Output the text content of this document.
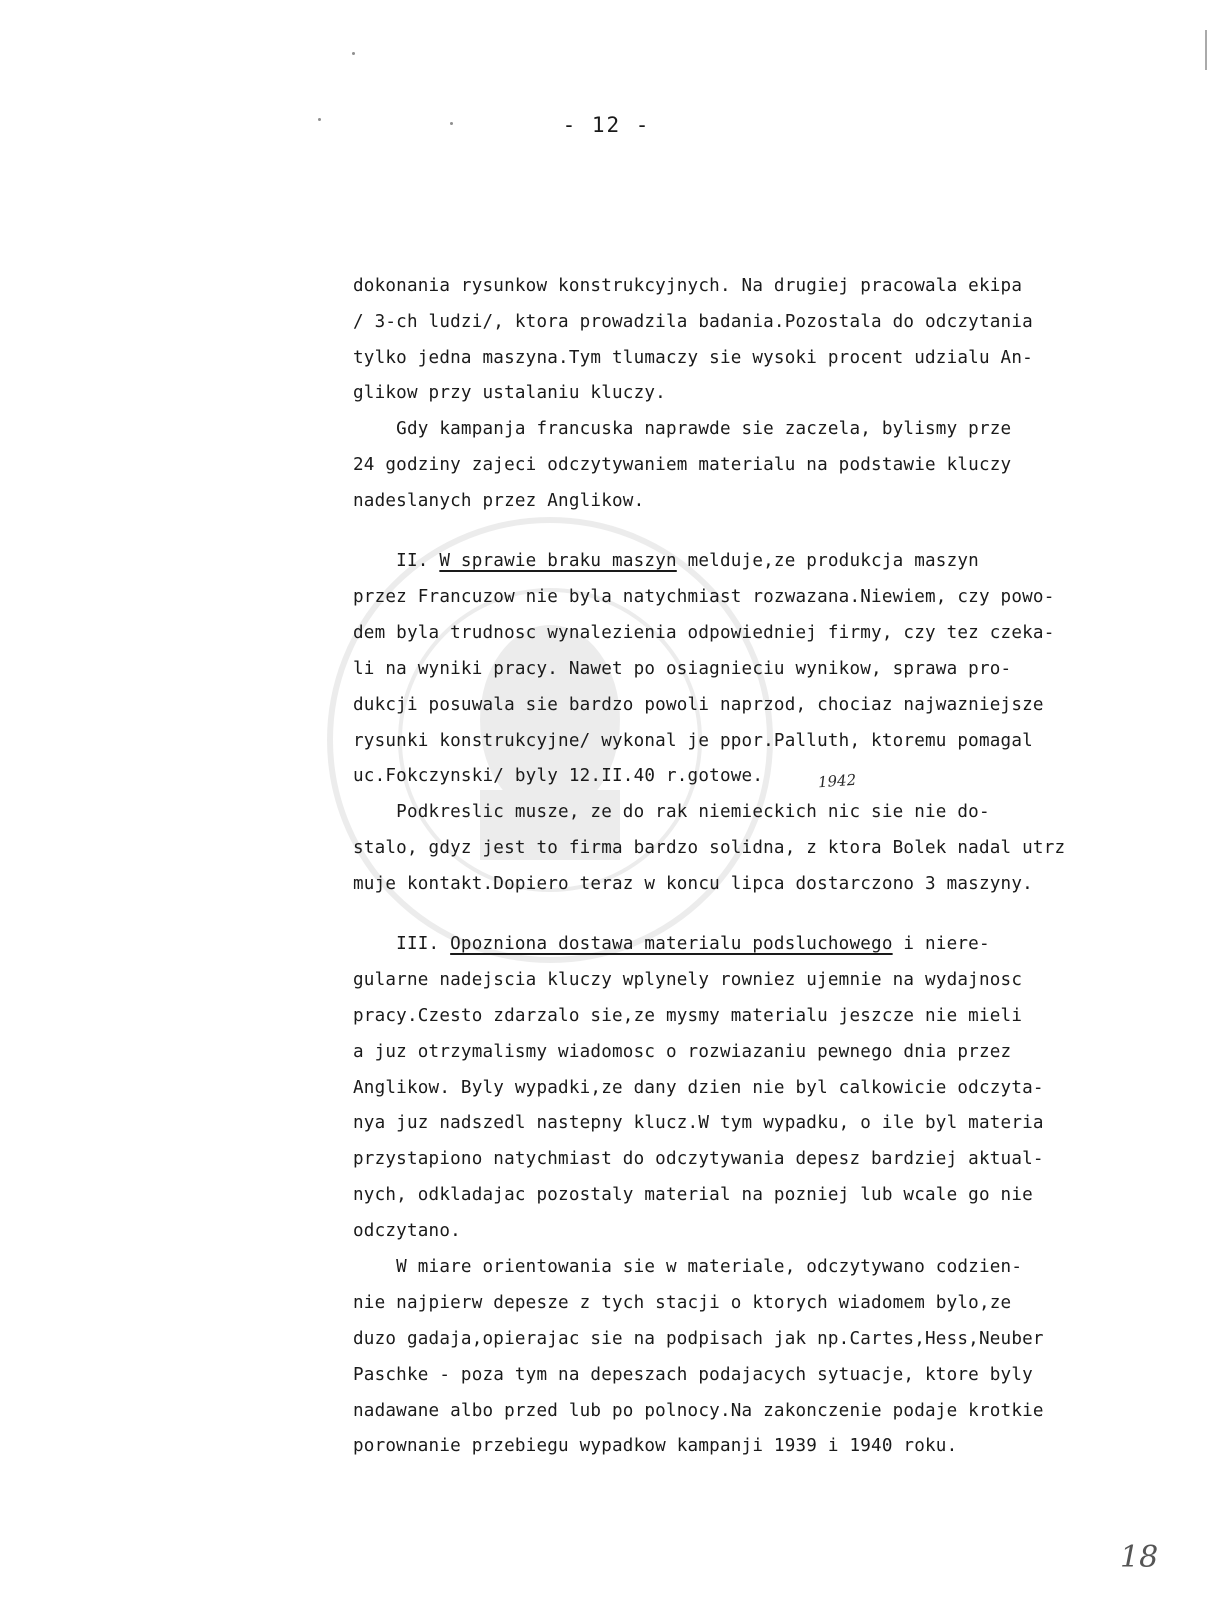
- 12 -

dokonania rysunkow konstrukcyjnych. Na drugiej pracowala ekipa
/ 3-ch ludzi/, ktora prowadzila badania.Pozostala do odczytania
tylko jedna maszyna.Tym tlumaczy sie wysoki procent udzialu An-
glikow przy ustalaniu kluczy.
Gdy kampanja francuska naprawde sie zaczela, bylismy prze
24 godziny zajeci odczytywaniem materialu na podstawie kluczy
nadeslanych przez Anglikow.
II. W sprawie braku maszyn melduje,ze produkcja maszyn
przez Francuzow nie byla natychmiast rozwazana.Niewiem, czy powo-
dem byla trudnosc wynalezienia odpowiedniej firmy, czy tez czeka-
li na wyniki pracy. Nawet po osiagnieciu wynikow, sprawa pro-
dukcji posuwala sie bardzo powoli naprzod, chociaz najwazniejsze
rysunki konstrukcyjne/ wykonal je ppor.Palluth, ktoremu pomagal
uc.Fokczynski/ byly 12.II.40 r.gotowe.
Podkreslic musze, ze do rak niemieckich nic sie nie do-
stalo, gdyz jest to firma bardzo solidna, z ktora Bolek nadal utrz
muje kontakt.Dopiero teraz w koncu lipca dostarczono 3 maszyny.
III. Opozniona dostawa materialu podsluchowego i niere-
gularne nadejscia kluczy wplynely rowniez ujemnie na wydajnosc
pracy.Czesto zdarzalo sie,ze mysmy materialu jeszcze nie mieli
a juz otrzymalismy wiadomosc o rozwiazaniu pewnego dnia przez
Anglikow. Byly wypadki,ze dany dzien nie byl calkowicie odczyta-
nya juz nadszedl nastepny klucz.W tym wypadku, o ile byl materia
przystapiono natychmiast do odczytywania depesz bardziej aktual-
nych, odkladajac pozostaly material na pozniej lub wcale go nie
odczytano.
W miare orientowania sie w materiale, odczytywano codzien-
nie najpierw depesze z tych stacji o ktorych wiadomem bylo,ze
duzo gadaja,opierajac sie na podpisach jak np.Cartes,Hess,Neuber
Paschke - poza tym na depeszach podajacych sytuacje, ktore byly
nadawane albo przed lub po polnocy.Na zakonczenie podaje krotkie
porownanie przebiegu wypadkow kampanji 1939 i 1940 roku.

1942
18
